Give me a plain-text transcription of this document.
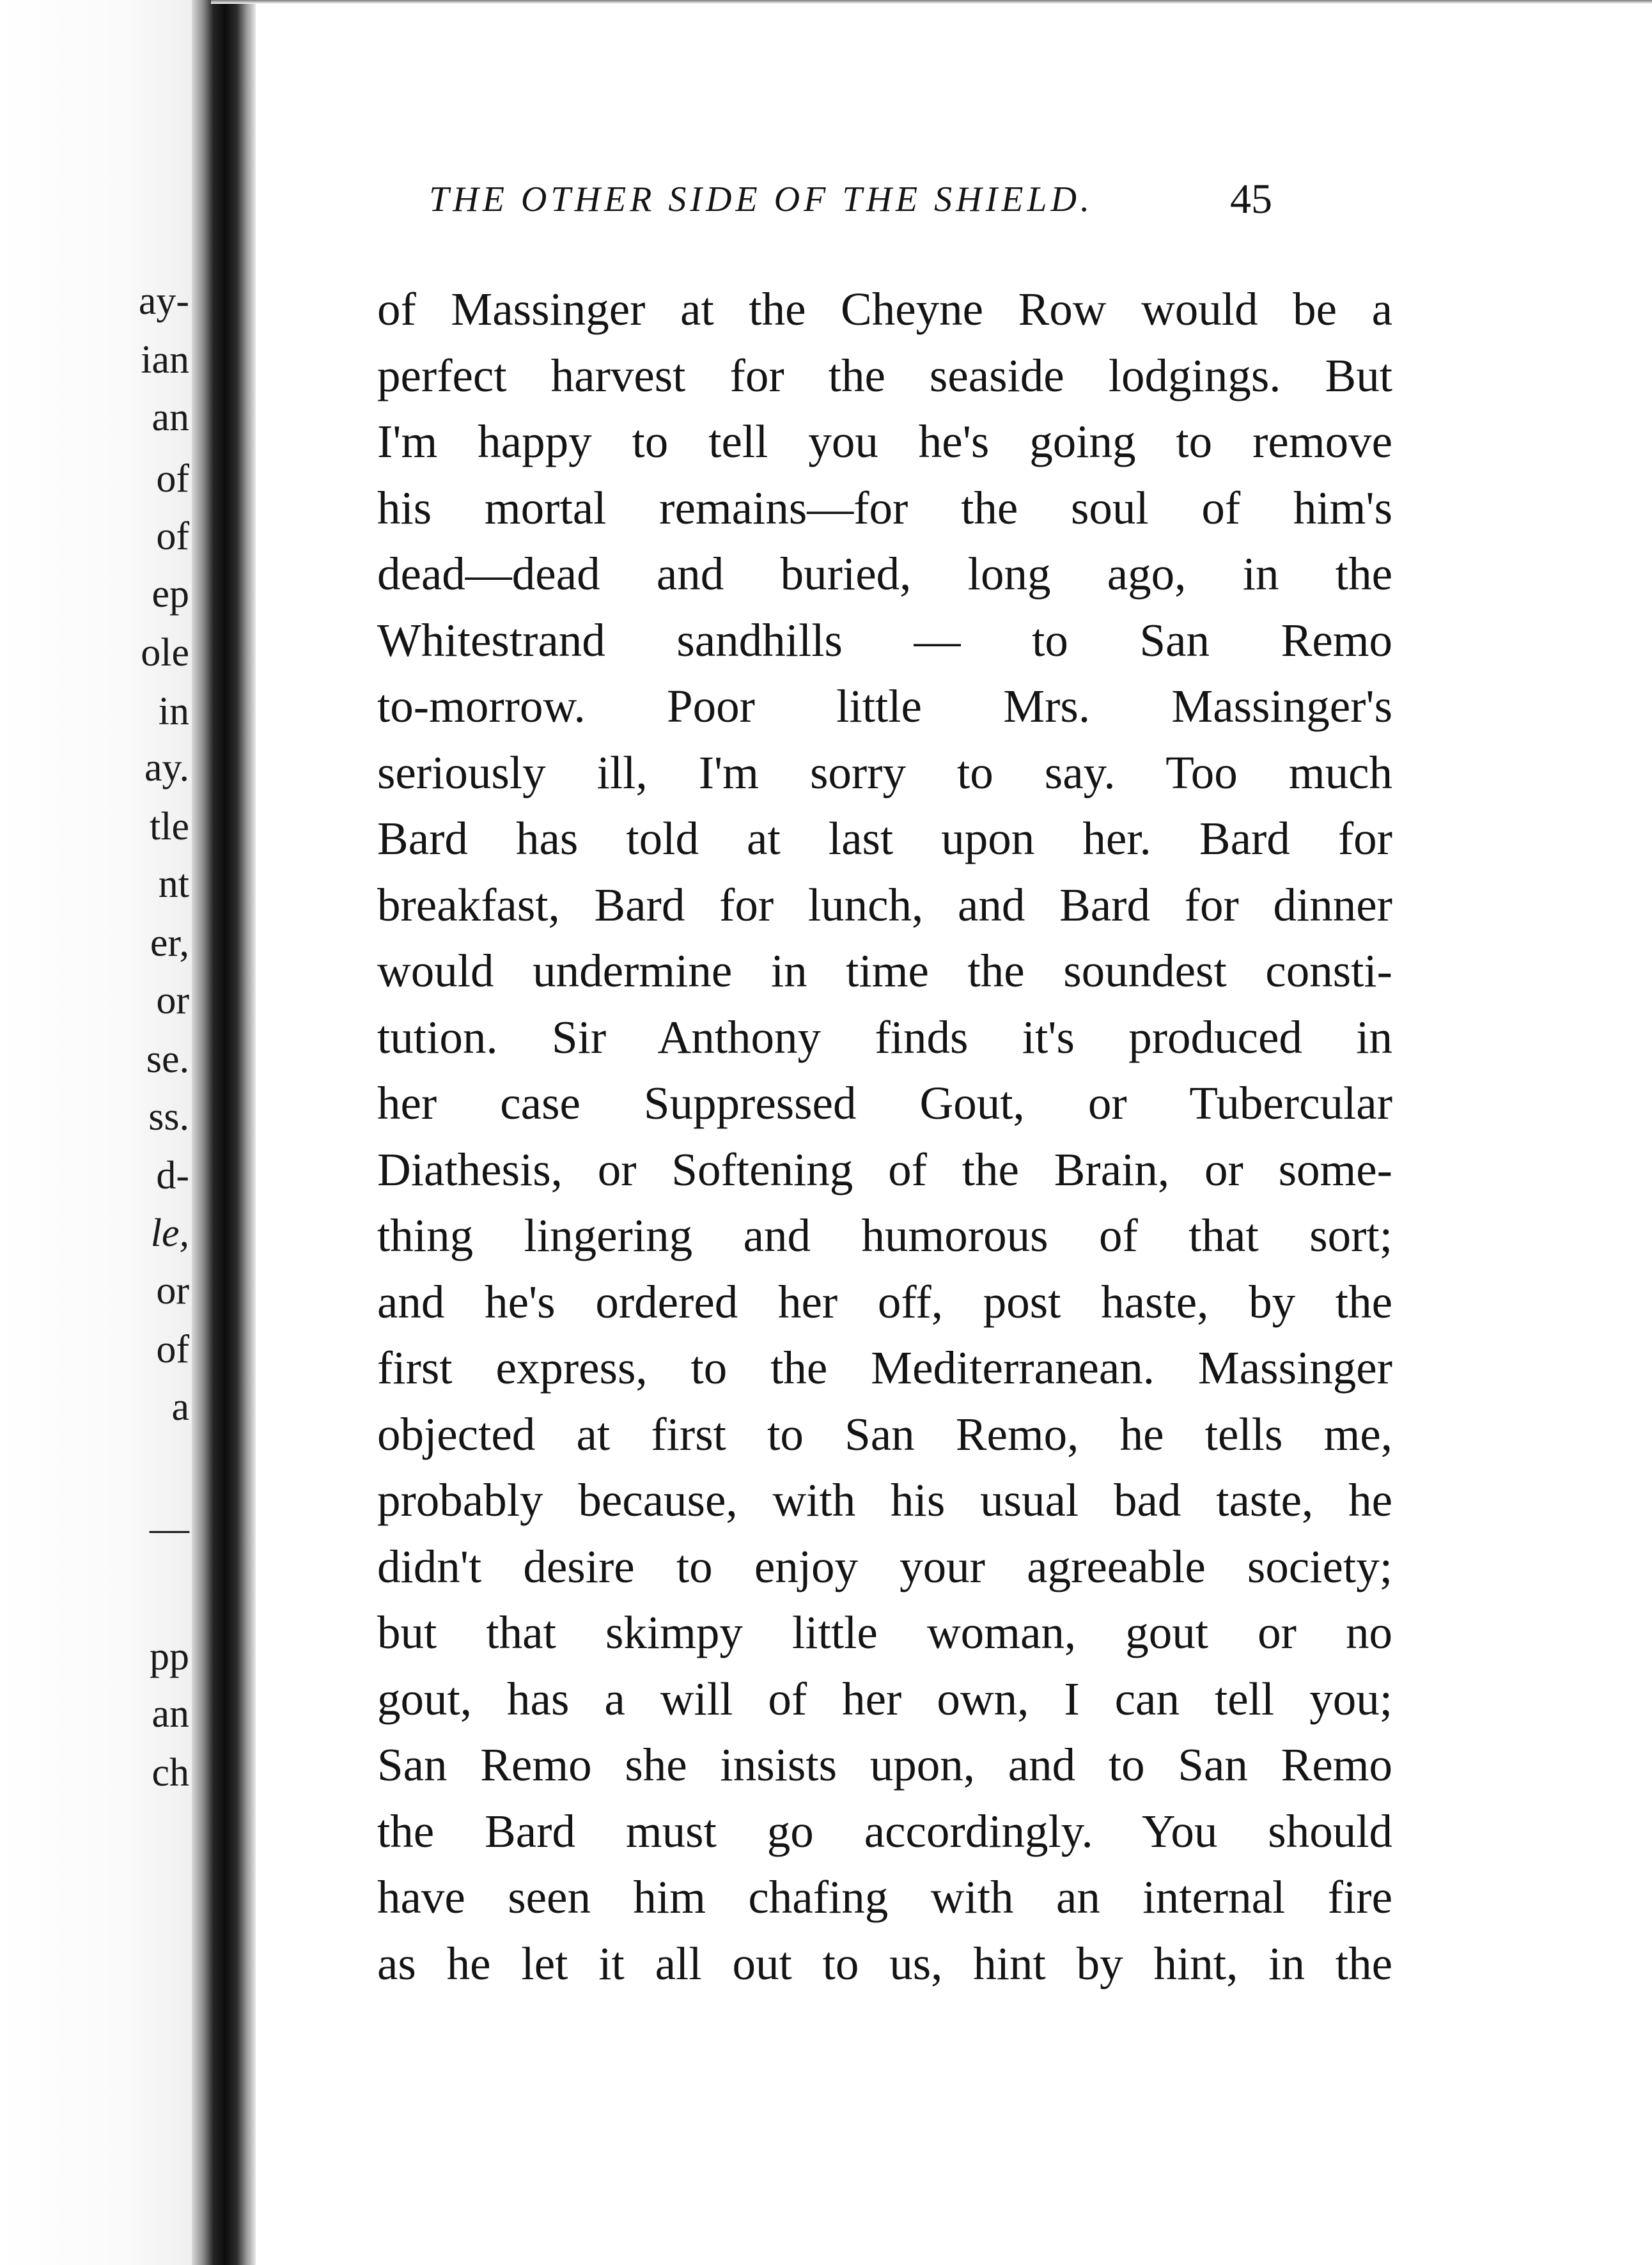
ay-
ian
an
of
of
ep
ole
in
ay.
tle
nt
er,
or
se.
ss.
d-
le,
or
of
a
—
pp
an
ch
THE OTHER SIDE OF THE SHIELD.	45
of Massinger at the Cheyne Row would be a
perfect harvest for the seaside lodgings. But
I'm happy to tell you he's going to remove
his mortal remains—for the soul of him's
dead—dead and buried, long ago, in the
Whitestrand sandhills — to San Remo
to-morrow. Poor little Mrs. Massinger's
seriously ill, I'm sorry to say. Too much
Bard has told at last upon her. Bard for
breakfast, Bard for lunch, and Bard for dinner
would undermine in time the soundest consti-
tution. Sir Anthony finds it's produced in
her case Suppressed Gout, or Tubercular
Diathesis, or Softening of the Brain, or some-
thing lingering and humorous of that sort;
and he's ordered her off, post haste, by the
first express, to the Mediterranean. Massinger
objected at first to San Remo, he tells me,
probably because, with his usual bad taste, he
didn't desire to enjoy your agreeable society;
but that skimpy little woman, gout or no
gout, has a will of her own, I can tell you;
San Remo she insists upon, and to San Remo
the Bard must go accordingly. You should
have seen him chafing with an internal fire
as he let it all out to us, hint by hint, in the
